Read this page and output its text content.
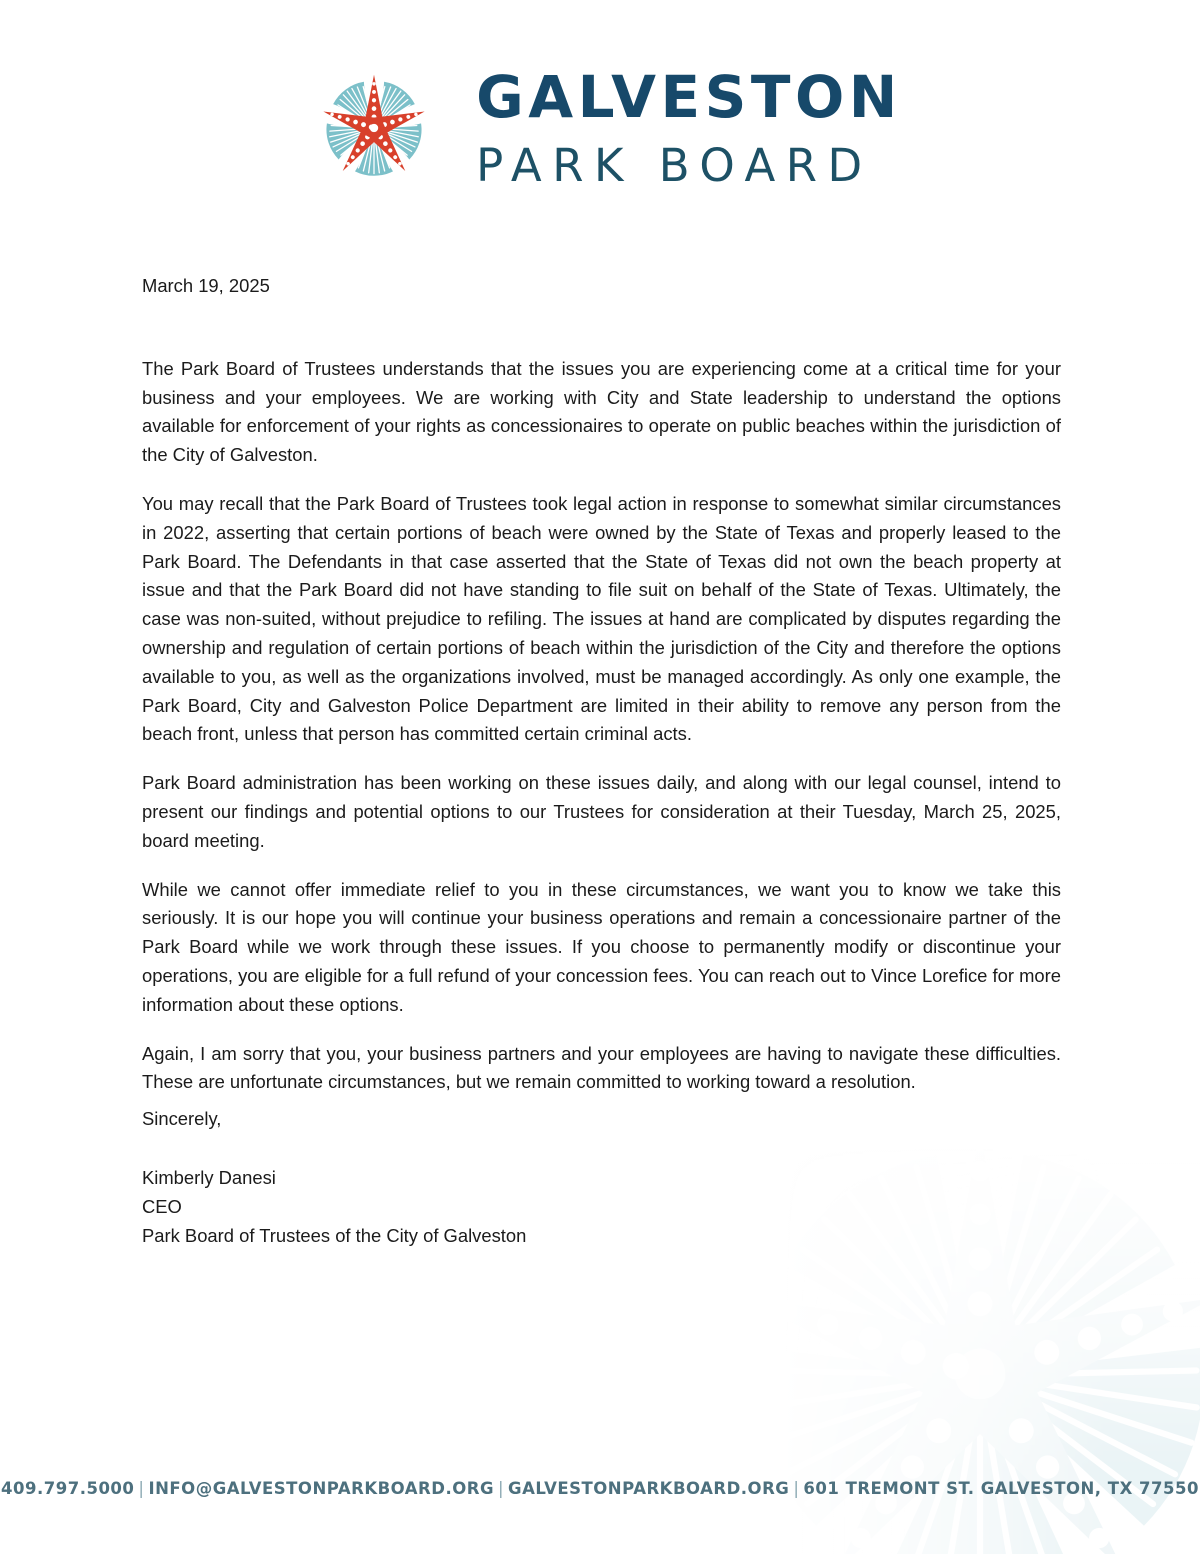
GALVESTON
PARK BOARD
March 19, 2025

The Park Board of Trustees understands that the issues you are experiencing come at a critical time for your business and your employees. We are working with City and State leadership to understand the options available for enforcement of your rights as concessionaires to operate on public beaches within the jurisdiction of the City of Galveston.

You may recall that the Park Board of Trustees took legal action in response to somewhat similar circumstances in 2022, asserting that certain portions of beach were owned by the State of Texas and properly leased to the Park Board. The Defendants in that case asserted that the State of Texas did not own the beach property at issue and that the Park Board did not have standing to file suit on behalf of the State of Texas. Ultimately, the case was non-suited, without prejudice to refiling. The issues at hand are complicated by disputes regarding the ownership and regulation of certain portions of beach within the jurisdiction of the City and therefore the options available to you, as well as the organizations involved, must be managed accordingly. As only one example, the Park Board, City and Galveston Police Department are limited in their ability to remove any person from the beach front, unless that person has committed certain criminal acts.

Park Board administration has been working on these issues daily, and along with our legal counsel, intend to present our findings and potential options to our Trustees for consideration at their Tuesday, March 25, 2025, board meeting.

While we cannot offer immediate relief to you in these circumstances, we want you to know we take this seriously. It is our hope you will continue your business operations and remain a concessionaire partner of the Park Board while we work through these issues. If you choose to permanently modify or discontinue your operations, you are eligible for a full refund of your concession fees. You can reach out to Vince Lorefice for more information about these options.

Again, I am sorry that you, your business partners and your employees are having to navigate these difficulties. These are unfortunate circumstances, but we remain committed to working toward a resolution.

Sincerely,
Kimberly Danesi
CEO
Park Board of Trustees of the City of Galveston
409.797.5000 | INFO@GALVESTONPARKBOARD.ORG | GALVESTONPARKBOARD.ORG | 601 TREMONT ST. GALVESTON, TX 77550
